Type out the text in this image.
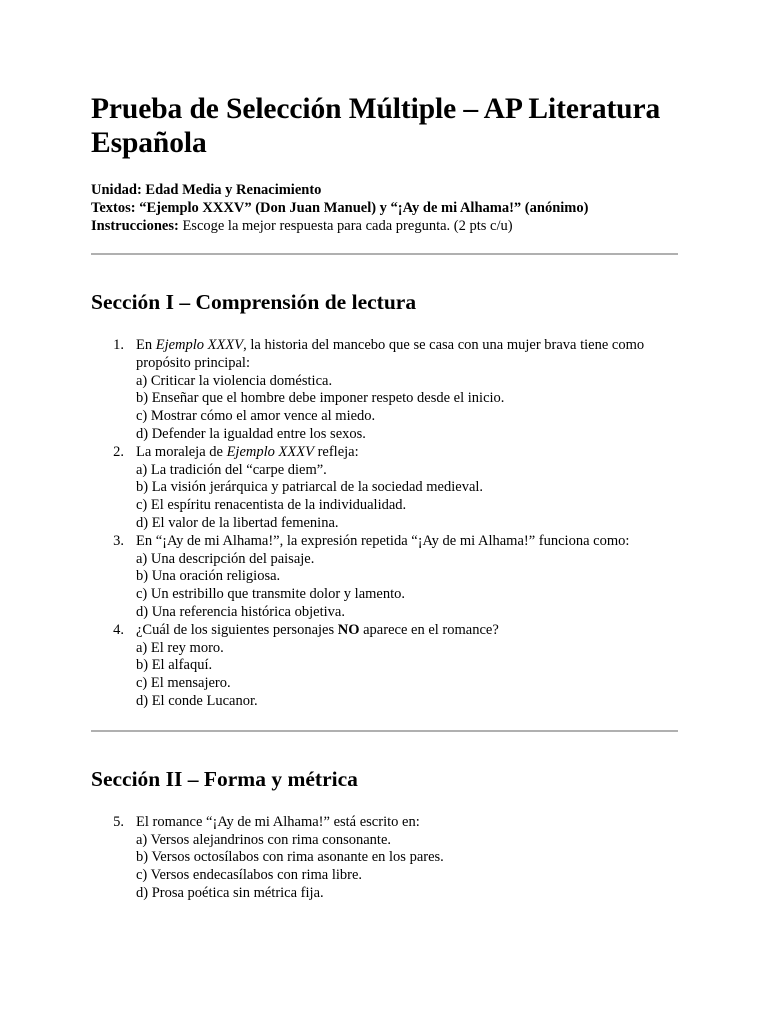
Prueba de Selección Múltiple – AP Literatura Española
Unidad: Edad Media y Renacimiento
Textos: “Ejemplo XXXV” (Don Juan Manuel) y “¡Ay de mi Alhama!” (anónimo)
Instrucciones: Escoge la mejor respuesta para cada pregunta. (2 pts c/u)
Sección I – Comprensión de lectura
1. En Ejemplo XXXV, la historia del mancebo que se casa con una mujer brava tiene como propósito principal:
a) Criticar la violencia doméstica.
b) Enseñar que el hombre debe imponer respeto desde el inicio.
c) Mostrar cómo el amor vence al miedo.
d) Defender la igualdad entre los sexos.
2. La moraleja de Ejemplo XXXV refleja:
a) La tradición del “carpe diem”.
b) La visión jerárquica y patriarcal de la sociedad medieval.
c) El espíritu renacentista de la individualidad.
d) El valor de la libertad femenina.
3. En “¡Ay de mi Alhama!”, la expresión repetida “¡Ay de mi Alhama!” funciona como:
a) Una descripción del paisaje.
b) Una oración religiosa.
c) Un estribillo que transmite dolor y lamento.
d) Una referencia histórica objetiva.
4. ¿Cuál de los siguientes personajes NO aparece en el romance?
a) El rey moro.
b) El alfaquí.
c) El mensajero.
d) El conde Lucanor.
Sección II – Forma y métrica
5. El romance “¡Ay de mi Alhama!” está escrito en:
a) Versos alejandrinos con rima consonante.
b) Versos octosílabos con rima asonante en los pares.
c) Versos endecasílabos con rima libre.
d) Prosa poética sin métrica fija.
